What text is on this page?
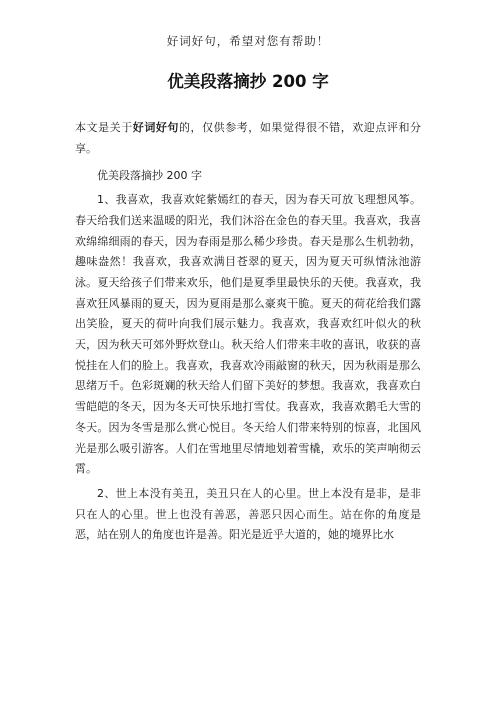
好词好句，希望对您有帮助！
优美段落摘抄 200 字

本文是关于好词好句的，仅供参考，如果觉得很不错，欢迎点评和分享。

优美段落摘抄 200 字

1、我喜欢，我喜欢姹紫嫣红的春天，因为春天可放飞理想风筝。春天给我们送来温暖的阳光，我们沐浴在金色的春天里。我喜欢，我喜欢绵绵细雨的春天，因为春雨是那么稀少珍贵。春天是那么生机勃勃，趣味盎然！我喜欢，我喜欢满目苍翠的夏天，因为夏天可纵情泳池游泳。夏天给孩子们带来欢乐，他们是夏季里最快乐的天使。我喜欢，我喜欢狂风暴雨的夏天，因为夏雨是那么豪爽干脆。夏天的荷花给我们露出笑脸，夏天的荷叶向我们展示魅力。我喜欢，我喜欢红叶似火的秋天，因为秋天可郊外野炊登山。秋天给人们带来丰收的喜讯，收获的喜悦挂在人们的脸上。我喜欢，我喜欢冷雨敲窗的秋天，因为秋雨是那么思绪万千。色彩斑斓的秋天给人们留下美好的梦想。我喜欢，我喜欢白雪皑皑的冬天，因为冬天可快乐地打雪仗。我喜欢，我喜欢鹅毛大雪的冬天。因为冬雪是那么赏心悦目。冬天给人们带来特别的惊喜，北国风光是那么吸引游客。人们在雪地里尽情地划着雪橇，欢乐的笑声响彻云霄。

2、世上本没有美丑，美丑只在人的心里。世上本没有是非，是非只在人的心里。世上也没有善恶，善恶只因心而生。站在你的角度是恶，站在别人的角度也许是善。阳光是近乎大道的，她的境界比水
